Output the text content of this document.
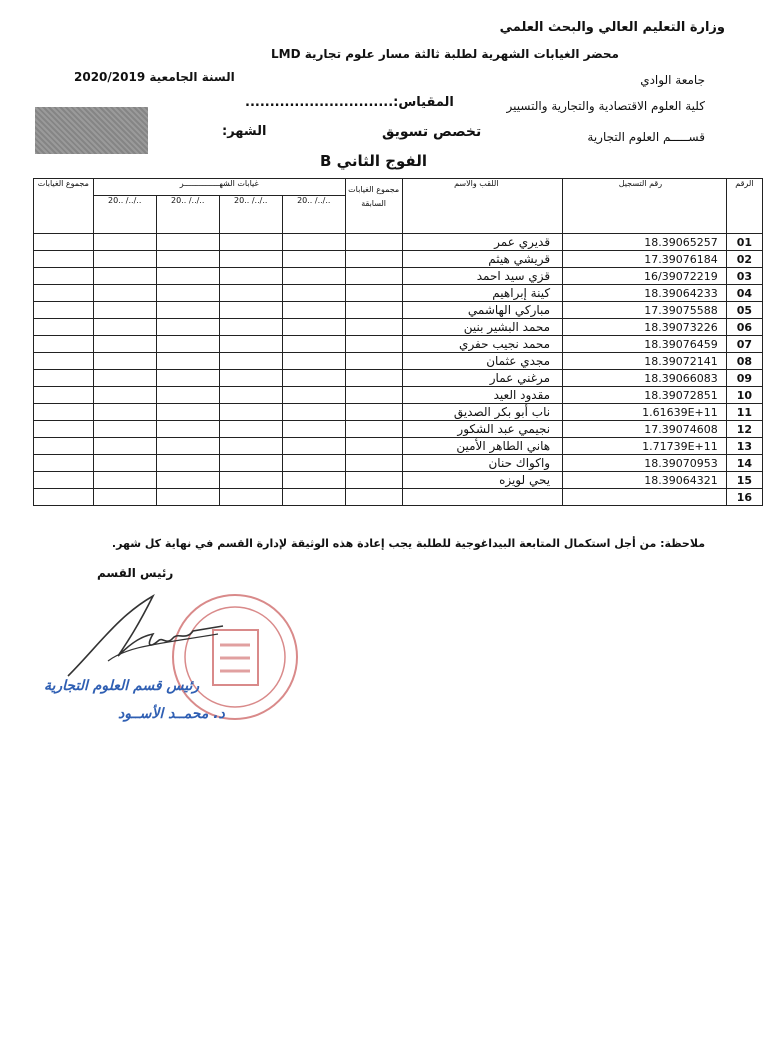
وزارة التعليم العالي والبحث العلمي
محضر الغيابات الشهرية لطلبة ثالثة مسار علوم تجارية LMD
السنة الجامعية 2020/2019	جامعة الوادي
كلية العلوم الاقتصادية والتجارية والتسيير
المقياس:..............................
قســـــم العلوم التجارية
تخصص تسويق
الشهر:
الفوج الثاني B
الرقم	رقم التسجيل	اللقب والاسم	مجموع الغيابات السابقة	غيابات الشهـــــــــــــــر				مجموع الغيابات
				20.. /../..	20.. /../..	20.. /../..	20.. /../..	
01	18.39065257	قديري عمر						
02	17.39076184	قريشي هيثم						
03	16/39072219	قزي سيد احمد						
04	18.39064233	كينة إبراهيم						
05	17.39075588	مباركي الهاشمي						
06	18.39073226	محمد البشير بنين						
07	18.39076459	محمد نجيب حفري						
08	18.39072141	مجدي عثمان						
09	18.39066083	مرغني عمار						
10	18.39072851	مقدود العيد						
11	1.61639E+11	ناب أبو بكر الصديق						
12	17.39074608	نجيمي عبد الشكور						
13	1.71739E+11	هاني الطاهر الأمين						
14	18.39070953	واكواك حنان						
15	18.39064321	يحي لويزه						
16								
ملاحظة: من أجل استكمال المتابعة البيداغوجية للطلبة يجب إعادة هذه الوثيقة لإدارة القسم في نهاية كل شهر.
رئيس القسم
رئيس قسم العلوم التجارية
د. محمــد الأســود
